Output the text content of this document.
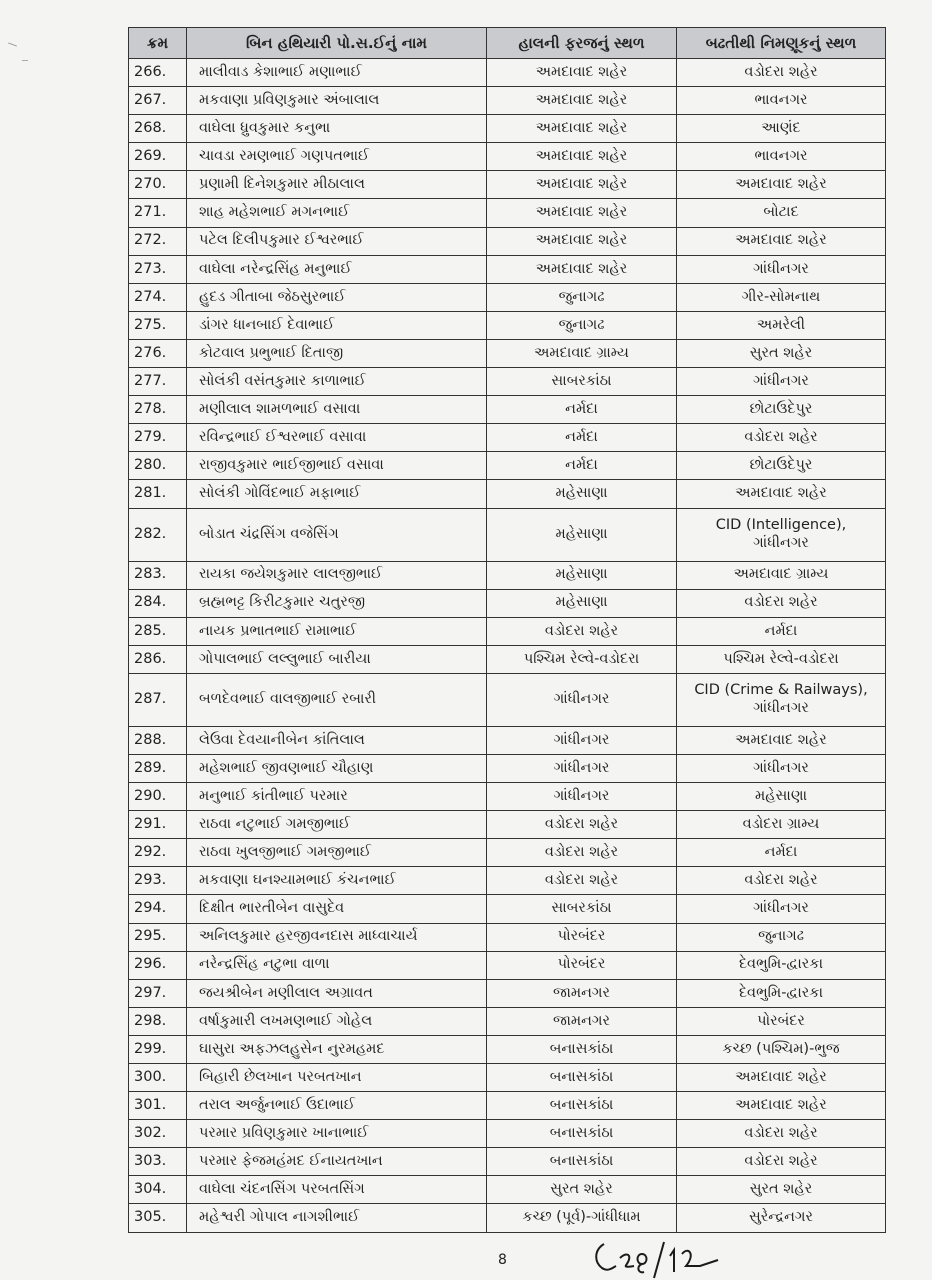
ક્રમ	બિન હથિયારી પો.સ.ઈનું નામ	હાલની ફરજનું સ્થળ	બઢતીથી નિમણૂકનું સ્થળ
266.	માલીવાડ કેશાભાઈ મણાભાઈ	અમદાવાદ શહેર	વડોદરા શહેર
267.	મકવાણા પ્રવિણકુમાર અંબાલાલ	અમદાવાદ શહેર	ભાવનગર
268.	વાઘેલા ધ્રુવકુમાર કનુભા	અમદાવાદ શહેર	આણંદ
269.	ચાવડા રમણભાઈ ગણપતભાઈ	અમદાવાદ શહેર	ભાવનગર
270.	પ્રણામી દિનેશકુમાર મીઠાલાલ	અમદાવાદ શહેર	અમદાવાદ શહેર
271.	શાહ મહેશભાઈ મગનભાઈ	અમદાવાદ શહેર	બોટાદ
272.	પટેલ દિલીપકુમાર ઈશ્વરભાઈ	અમદાવાદ શહેર	અમદાવાદ શહેર
273.	વાઘેલા નરેન્દ્રસિંહ મનુભાઈ	અમદાવાદ શહેર	ગાંધીનગર
274.	હુદડ ગીતાબા જેઠસુરભાઈ	જુનાગઢ	ગીર-સોમનાથ
275.	ડાંગર ધાનબાઈ દેવાભાઈ	જુનાગઢ	અમરેલી
276.	કોટવાલ પ્રભુભાઈ દિતાજી	અમદાવાદ ગ્રામ્ય	સુરત શહેર
277.	સોલંકી વસંતકુમાર કાળાભાઈ	સાબરકાંઠા	ગાંધીનગર
278.	મણીલાલ શામળભાઈ વસાવા	નર્મદા	છોટાઉદેપુર
279.	રવિન્દ્રભાઈ ઈશ્વરભાઈ વસાવા	નર્મદા	વડોદરા શહેર
280.	રાજીવકુમાર ભાઈજીભાઈ વસાવા	નર્મદા	છોટાઉદેપુર
281.	સોલંકી ગોવિંદભાઈ મફાભાઈ	મહેસાણા	અમદાવાદ શહેર
282.	બોડાત ચંદ્રસિંગ વજેસિંગ	મહેસાણા	CID (Intelligence),
ગાંધીનગર

283.	રાયકા જયેશકુમાર લાલજીભાઈ	મહેસાણા	અમદાવાદ ગ્રામ્ય
284.	બ્રહ્મભટ્ટ કિરીટકુમાર ચતુરજી	મહેસાણા	વડોદરા શહેર
285.	નાયક પ્રભાતભાઈ રામાભાઈ	વડોદરા શહેર	નર્મદા
286.	ગોપાલભાઈ લલ્લુભાઈ બારીયા	પશ્ચિમ રેલ્વે-વડોદરા	પશ્ચિમ રેલ્વે-વડોદરા
287.	બળદેવભાઈ વાલજીભાઈ રબારી	ગાંધીનગર	CID (Crime & Railways),
ગાંધીનગર

288.	લેઉવા દેવયાનીબેન કાંતિલાલ	ગાંધીનગર	અમદાવાદ શહેર
289.	મહેશભાઈ જીવણભાઈ ચૌહાણ	ગાંધીનગર	ગાંધીનગર
290.	મનુભાઈ કાંતીભાઈ પરમાર	ગાંધીનગર	મહેસાણા
291.	રાઠવા નટુભાઈ ગમજીભાઈ	વડોદરા શહેર	વડોદરા ગ્રામ્ય
292.	રાઠવા ખુલજીભાઈ ગમજીભાઈ	વડોદરા શહેર	નર્મદા
293.	મકવાણા ઘનશ્યામભાઈ કંચનભાઈ	વડોદરા શહેર	વડોદરા શહેર
294.	દિક્ષીત ભારતીબેન વાસુદેવ	સાબરકાંઠા	ગાંધીનગર
295.	અનિલકુમાર હરજીવનદાસ માધ્વાચાર્ય	પોરબંદર	જુનાગઢ
296.	નરેન્દ્રસિંહ નટુભા વાળા	પોરબંદર	દેવભુમિ-દ્વારકા
297.	જયશ્રીબેન મણીલાલ અગ્રાવત	જામનગર	દેવભુમિ-દ્વારકા
298.	વર્ષાકુમારી લખમણભાઈ ગોહેલ	જામનગર	પોરબંદર
299.	ઘાસુરા અફઝલહુસેન નુરમહમદ	બનાસકાંઠા	કચ્છ (પશ્ચિમ)-ભુજ
300.	બિહારી છેલખાન પરબતખાન	બનાસકાંઠા	અમદાવાદ શહેર
301.	તરાલ અર્જુનભાઈ ઉદાભાઈ	બનાસકાંઠા	અમદાવાદ શહેર
302.	પરમાર પ્રવિણકુમાર ખાનાભાઈ	બનાસકાંઠા	વડોદરા શહેર
303.	પરમાર ફેજમહંમદ ઈનાયતખાન	બનાસકાંઠા	વડોદરા શહેર
304.	વાઘેલા ચંદનસિંગ પરબતસિંગ	સુરત શહેર	સુરત શહેર
305.	મહેશ્વરી ગોપાલ નાગશીભાઈ	કચ્છ (પૂર્વ)-ગાંધીધામ	સુરેન્દ્રનગર
8
